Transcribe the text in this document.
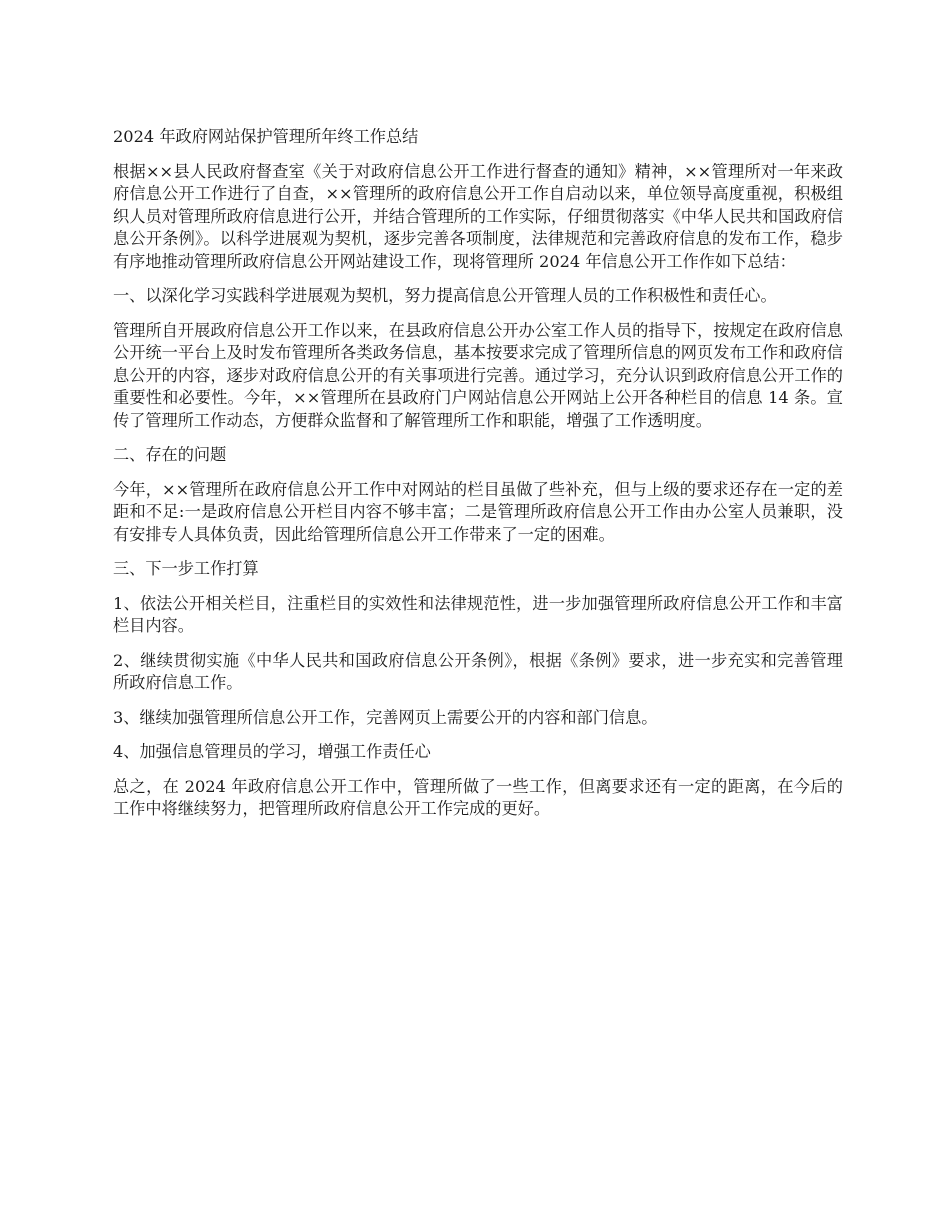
2024 年政府网站保护管理所年终工作总结

根据××县人民政府督查室《关于对政府信息公开工作进行督查的通知》精神，××管理所对一年来政府信息公开工作进行了自查，××管理所的政府信息公开工作自启动以来，单位领导高度重视，积极组织人员对管理所政府信息进行公开，并结合管理所的工作实际，仔细贯彻落实《中华人民共和国政府信息公开条例》。以科学进展观为契机，逐步完善各项制度，法律规范和完善政府信息的发布工作，稳步有序地推动管理所政府信息公开网站建设工作，现将管理所 2024 年信息公开工作作如下总结：

一、以深化学习实践科学进展观为契机，努力提高信息公开管理人员的工作积极性和责任心。

管理所自开展政府信息公开工作以来，在县政府信息公开办公室工作人员的指导下，按规定在政府信息公开统一平台上及时发布管理所各类政务信息，基本按要求完成了管理所信息的网页发布工作和政府信息公开的内容，逐步对政府信息公开的有关事项进行完善。通过学习，充分认识到政府信息公开工作的重要性和必要性。今年，××管理所在县政府门户网站信息公开网站上公开各种栏目的信息 14 条。宣传了管理所工作动态，方便群众监督和了解管理所工作和职能，增强了工作透明度。

二、存在的问题

今年，××管理所在政府信息公开工作中对网站的栏目虽做了些补充，但与上级的要求还存在一定的差距和不足:一是政府信息公开栏目内容不够丰富；二是管理所政府信息公开工作由办公室人员兼职，没有安排专人具体负责，因此给管理所信息公开工作带来了一定的困难。

三、下一步工作打算

1、依法公开相关栏目，注重栏目的实效性和法律规范性，进一步加强管理所政府信息公开工作和丰富栏目内容。

2、继续贯彻实施《中华人民共和国政府信息公开条例》，根据《条例》要求，进一步充实和完善管理所政府信息工作。

3、继续加强管理所信息公开工作，完善网页上需要公开的内容和部门信息。

4、加强信息管理员的学习，增强工作责任心

总之，在 2024 年政府信息公开工作中，管理所做了一些工作，但离要求还有一定的距离，在今后的工作中将继续努力，把管理所政府信息公开工作完成的更好。
